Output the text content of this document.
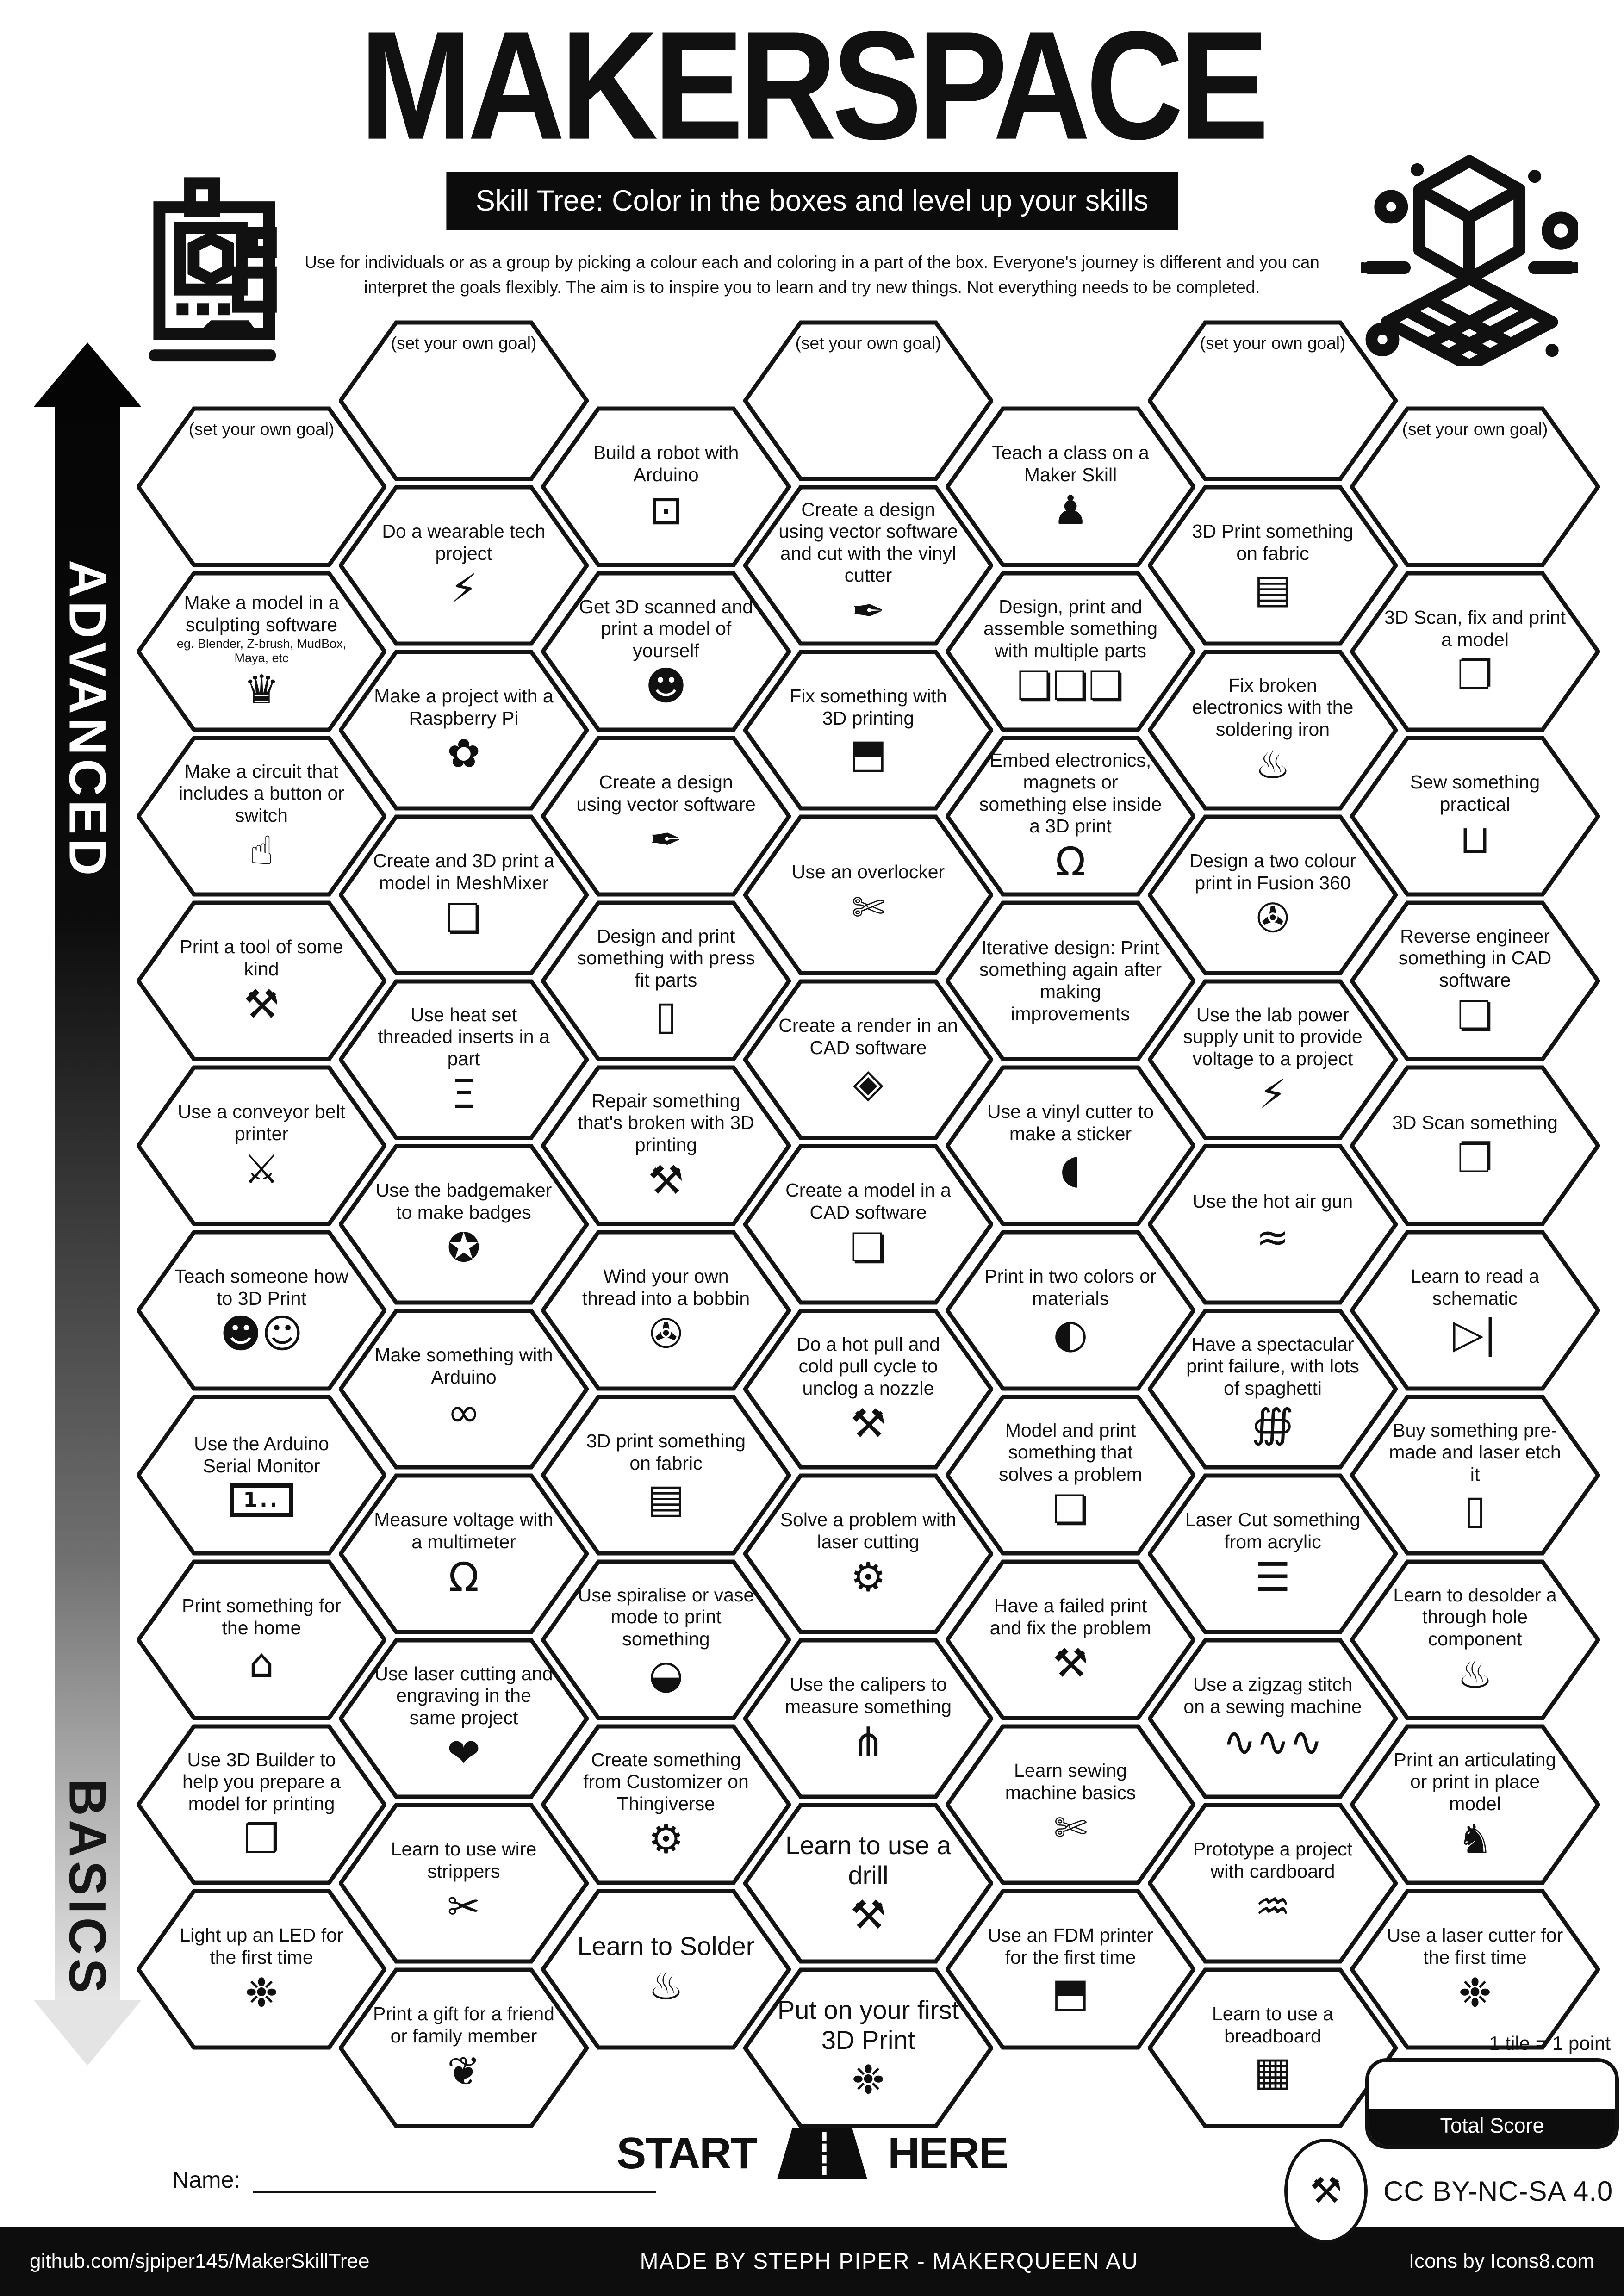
MAKERSPACE
Skill Tree: Color in the boxes and level up your skills
Use for individuals or as a group by picking a colour each and coloring in a part of the box. Everyone's journey is different and you can
interpret the goals flexibly. The aim is to inspire you to learn and try new things. Not everything needs to be completed.
ADVANCED
BASICS
(set your own goal)
Make a model in a sculpting software
eg. Blender, Z-brush, MudBox, Maya, etc
♛
Make a circuit that includes a button or switch
☝
Print a tool of some kind
⚒
Use a conveyor belt printer
⚔
Teach someone how to 3D Print
☻☺
Use the Arduino Serial Monitor
1..
Print something for the home
⌂
Use 3D Builder to help you prepare a model for printing
❒
Light up an LED for the first time
❉
(set your own goal)
Do a wearable tech project
⚡
Make a project with a Raspberry Pi
✿
Create and 3D print a model in MeshMixer
❏
Use heat set threaded inserts in a part
Ξ
Use the badgemaker to make badges
✪
Make something with Arduino
∞
Measure voltage with a multimeter
Ω
Use laser cutting and engraving in the same project
❤
Learn to use wire strippers
✂
Print a gift for a friend or family member
❦
Build a robot with Arduino
⊡
Get 3D scanned and print a model of yourself
☻
Create a design using vector software
✒
Design and print something with press fit parts
▯
Repair something that's broken with 3D printing
⚒
Wind your own thread into a bobbin
✇
3D print something on fabric
▤
Use spiralise or vase mode to print something
◒
Create something from Customizer on Thingiverse
⚙
Learn to Solder
♨
(set your own goal)
Create a design using vector software and cut with the vinyl cutter
✒
Fix something with 3D printing
⬒
Use an overlocker
✄
Create a render in an CAD software
◈
Create a model in a CAD software
❏
Do a hot pull and cold pull cycle to unclog a nozzle
⚒
Solve a problem with laser cutting
⚙
Use the calipers to measure something
⋔
Learn to use a drill
⚒
Put on your first 3D Print
❉
Teach a class on a Maker Skill
♟
Design, print and assemble something with multiple parts
❏❏❏
Embed electronics, magnets or something else inside a 3D print
Ω
Iterative design: Print something again after making improvements
Use a vinyl cutter to make a sticker
◖
Print in two colors or materials
◐
Model and print something that solves a problem
❏
Have a failed print and fix the problem
⚒
Learn sewing machine basics
✄
Use an FDM printer for the first time
⬒
(set your own goal)
3D Print something on fabric
▤
Fix broken electronics with the soldering iron
♨
Design a two colour print in Fusion 360
✇
Use the lab power supply unit to provide voltage to a project
⚡
Use the hot air gun
≈
Have a spectacular print failure, with lots of spaghetti
∰
Laser Cut something from acrylic
☰
Use a zigzag stitch on a sewing machine
∿∿∿
Prototype a project with cardboard
♒
Learn to use a breadboard
▦
(set your own goal)
3D Scan, fix and print a model
❐
Sew something practical
⊔
Reverse engineer something in CAD software
❏
3D Scan something
❐
Learn to read a schematic
▷|
Buy something pre-made and laser etch it
▯
Learn to desolder a through hole component
♨
Print an articulating or print in place model
♞
Use a laser cutter for the first time
❉
START	HERE
Name:
1 tile = 1 point
Total Score
⚒	CC BY-NC-SA 4.0
github.com/sjpiper145/MakerSkillTree	MADE BY STEPH PIPER - MAKERQUEEN AU	Icons by Icons8.com
